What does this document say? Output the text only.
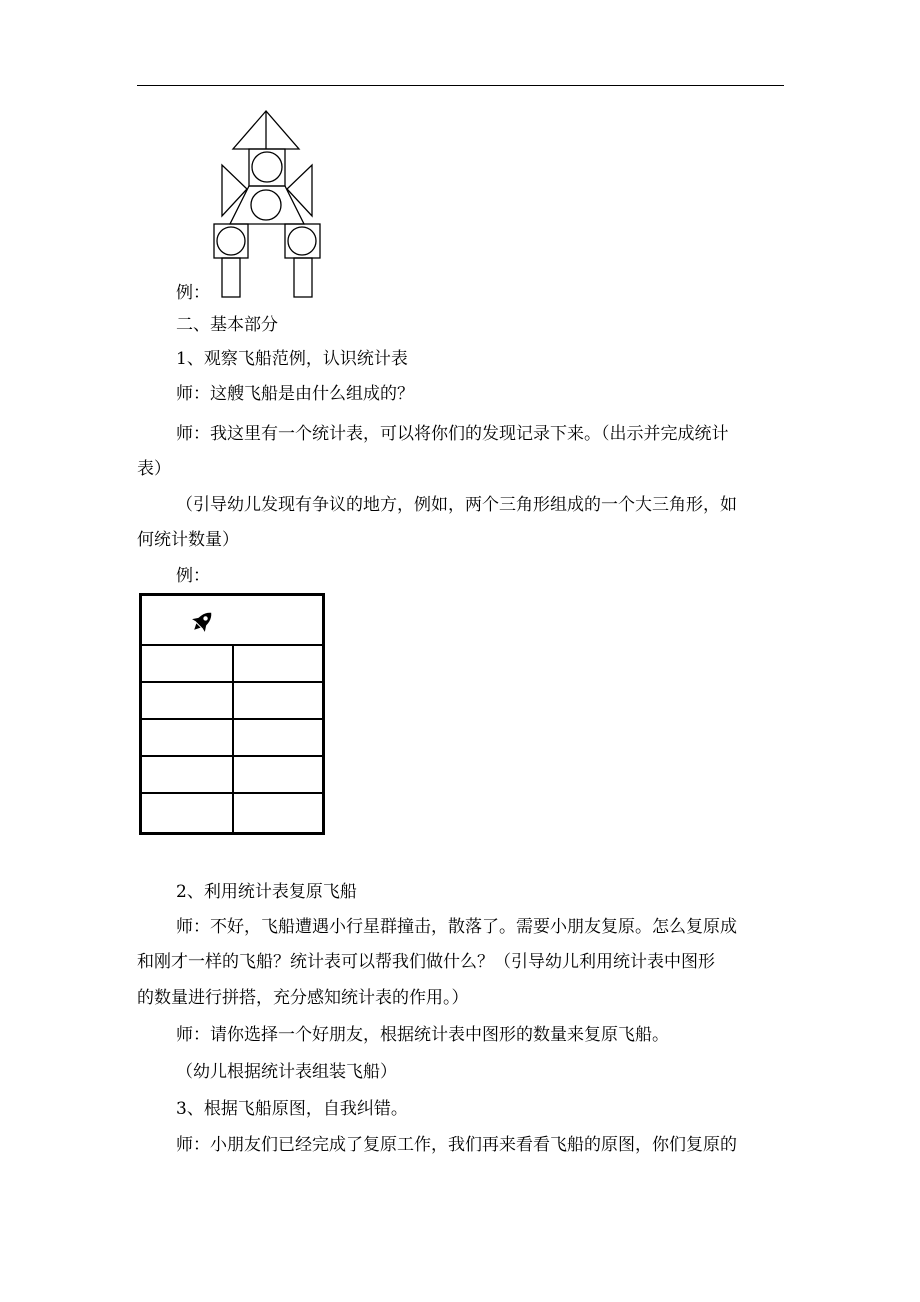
例：
二、基本部分
1、观察飞船范例，认识统计表
师：这艘飞船是由什么组成的？
师：我这里有一个统计表，可以将你们的发现记录下来。（出示并完成统计
表）
（引导幼儿发现有争议的地方，例如，两个三角形组成的一个大三角形，如
何统计数量）
例：
2、利用统计表复原飞船
师：不好，飞船遭遇小行星群撞击，散落了。需要小朋友复原。怎么复原成
和刚才一样的飞船？统计表可以帮我们做什么？（引导幼儿利用统计表中图形
的数量进行拼搭，充分感知统计表的作用。）
师：请你选择一个好朋友，根据统计表中图形的数量来复原飞船。
（幼儿根据统计表组装飞船）
3、根据飞船原图，自我纠错。
师：小朋友们已经完成了复原工作，我们再来看看飞船的原图，你们复原的
